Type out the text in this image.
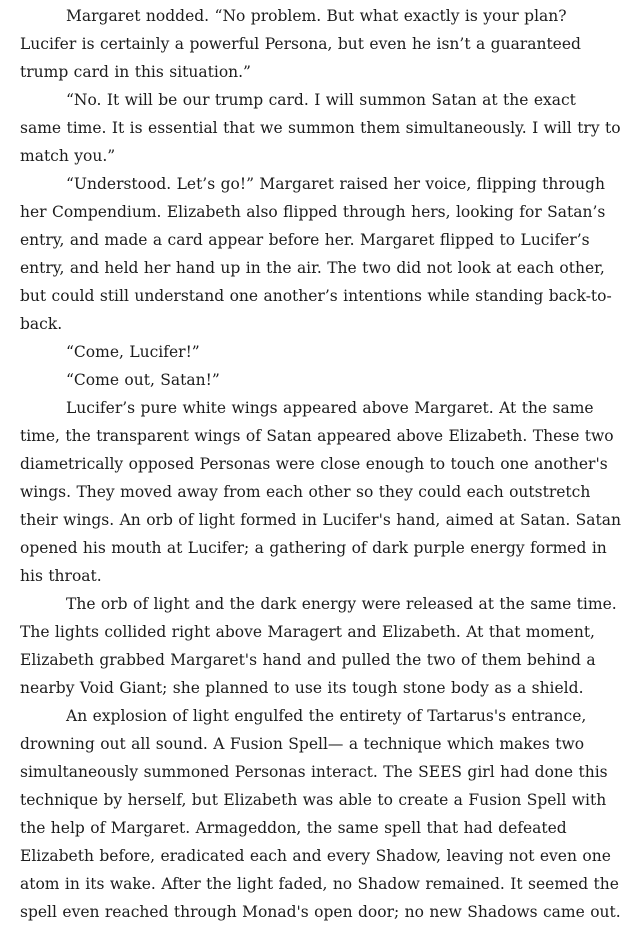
Margaret nodded. “No problem. But what exactly is your plan? Lucifer is certainly a powerful Persona, but even he isn’t a guaranteed trump card in this situation.”

“No. It will be our trump card. I will summon Satan at the exact same time. It is essential that we summon them simultaneously. I will try to match you.”

“Understood. Let’s go!” Margaret raised her voice, flipping through her Compendium. Elizabeth also flipped through hers, looking for Satan’s entry, and made a card appear before her. Margaret flipped to Lucifer’s entry, and held her hand up in the air. The two did not look at each other, but could still understand one another’s intentions while standing back-to-back.

“Come, Lucifer!”

“Come out, Satan!”

Lucifer’s pure white wings appeared above Margaret. At the same time, the transparent wings of Satan appeared above Elizabeth. These two diametrically opposed Personas were close enough to touch one another's wings. They moved away from each other so they could each outstretch their wings. An orb of light formed in Lucifer's hand, aimed at Satan. Satan opened his mouth at Lucifer; a gathering of dark purple energy formed in his throat.

The orb of light and the dark energy were released at the same time. The lights collided right above Maragert and Elizabeth. At that moment, Elizabeth grabbed Margaret's hand and pulled the two of them behind a nearby Void Giant; she planned to use its tough stone body as a shield.

An explosion of light engulfed the entirety of Tartarus's entrance, drowning out all sound. A Fusion Spell— a technique which makes two simultaneously summoned Personas interact. The SEES girl had done this technique by herself, but Elizabeth was able to create a Fusion Spell with the help of Margaret. Armageddon, the same spell that had defeated Elizabeth before, eradicated each and every Shadow, leaving not even one atom in its wake. After the light faded, no Shadow remained. It seemed the spell even reached through Monad's open door; no new Shadows came out.
